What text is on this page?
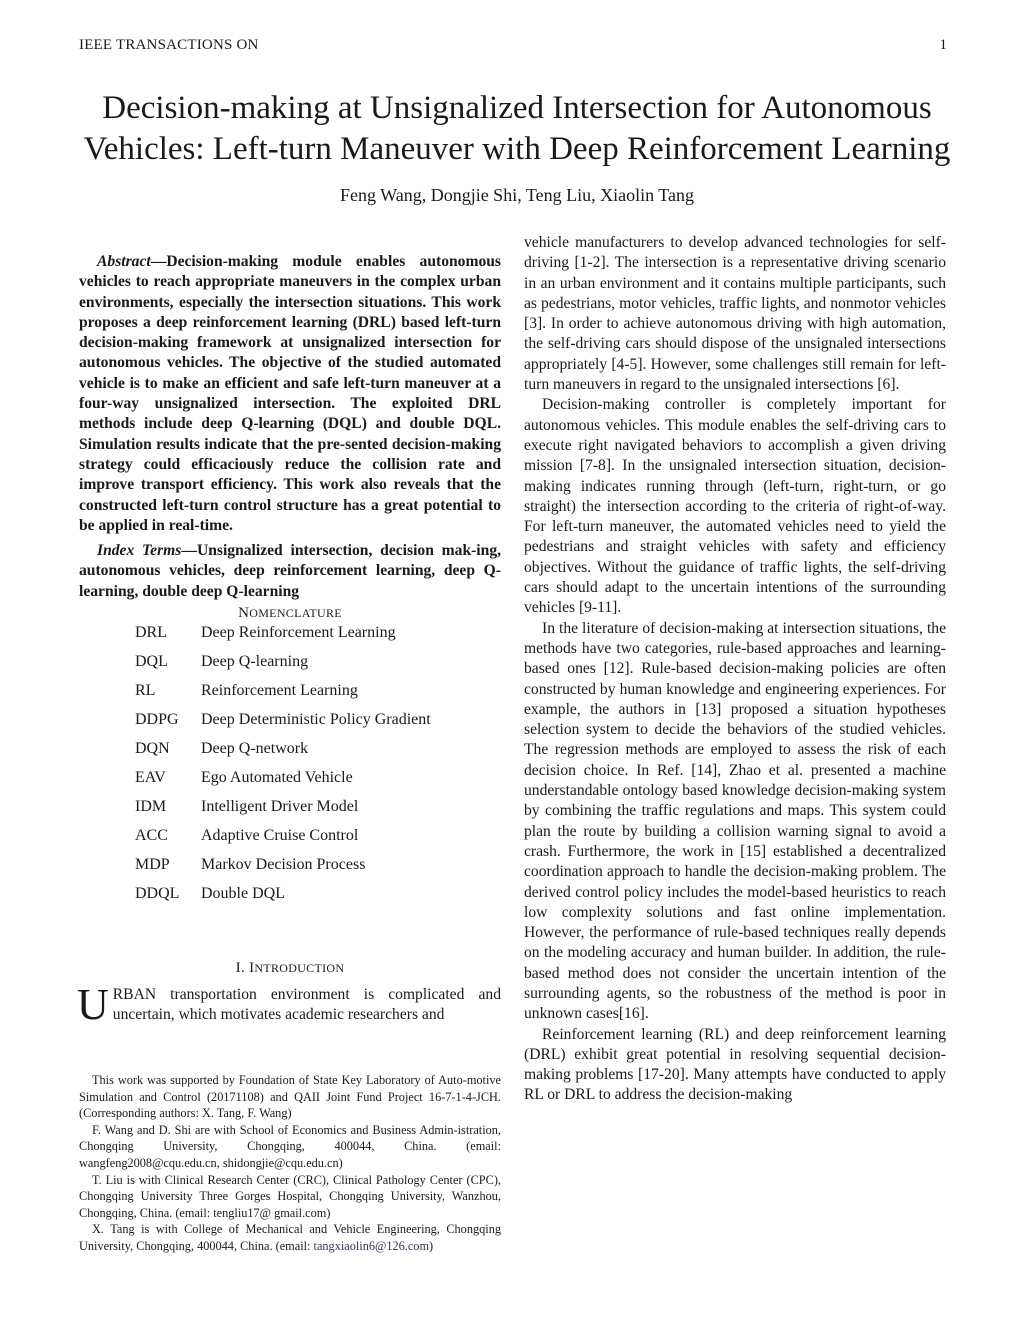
IEEE TRANSACTIONS ON	1
Decision-making at Unsignalized Intersection for Autonomous
Vehicles: Left-turn Maneuver with Deep Reinforcement Learning
Feng Wang, Dongjie Shi, Teng Liu, Xiaolin Tang

Abstract—Decision-making module enables autonomous vehicles to reach appropriate maneuvers in the complex urban environments, especially the intersection situations. This work proposes a deep reinforcement learning (DRL) based left-turn decision-making framework at unsignalized intersection for autonomous vehicles. The objective of the studied automated vehicle is to make an efficient and safe left-turn maneuver at a four-way unsignalized intersection. The exploited DRL methods include deep Q-learning (DQL) and double DQL. Simulation results indicate that the pre-sented decision-making strategy could efficaciously reduce the collision rate and improve transport efficiency. This work also reveals that the constructed left-turn control structure has a great potential to be applied in real-time.

Index Terms—Unsignalized intersection, decision mak-ing, autonomous vehicles, deep reinforcement learning, deep Q-learning, double deep Q-learning

NOMENCLATURE
DRL	Deep Reinforcement Learning
DQL	Deep Q-learning
RL	Reinforcement Learning
DDPG	Deep Deterministic Policy Gradient
DQN	Deep Q-network
EAV	Ego Automated Vehicle
IDM	Intelligent Driver Model
ACC	Adaptive Cruise Control
MDP	Markov Decision Process
DDQL	Double DQL
I. INTRODUCTION

URBAN transportation environment is complicated and uncertain, which motivates academic researchers and

This work was supported by Foundation of State Key Laboratory of Auto-motive Simulation and Control (20171108) and QAII Joint Fund Project 16-7-1-4-JCH. (Corresponding authors: X. Tang, F. Wang)

F. Wang and D. Shi are with School of Economics and Business Admin-istration, Chongqing University, Chongqing, 400044, China. (email: wangfeng2008@cqu.edu.cn, shidongjie@cqu.edu.cn)

T. Liu is with Clinical Research Center (CRC), Clinical Pathology Center (CPC), Chongqing University Three Gorges Hospital, Chongqing University, Wanzhou, Chongqing, China. (email: tengliu17@ gmail.com)

X. Tang is with College of Mechanical and Vehicle Engineering, Chongqing University, Chongqing, 400044, China. (email: tangxiaolin6@126.com)

vehicle manufacturers to develop advanced technologies for self-driving [1-2]. The intersection is a representative driving scenario in an urban environment and it contains multiple participants, such as pedestrians, motor vehicles, traffic lights, and nonmotor vehicles [3]. In order to achieve autonomous driving with high automation, the self-driving cars should dispose of the unsignaled intersections appropriately [4-5]. However, some challenges still remain for left-turn maneuvers in regard to the unsignaled intersections [6].

Decision-making controller is completely important for autonomous vehicles. This module enables the self-driving cars to execute right navigated behaviors to accomplish a given driving mission [7-8]. In the unsignaled intersection situation, decision-making indicates running through (left-turn, right-turn, or go straight) the intersection according to the criteria of right-of-way. For left-turn maneuver, the automated vehicles need to yield the pedestrians and straight vehicles with safety and efficiency objectives. Without the guidance of traffic lights, the self-driving cars should adapt to the uncertain intentions of the surrounding vehicles [9-11].

In the literature of decision-making at intersection situations, the methods have two categories, rule-based approaches and learning-based ones [12]. Rule-based decision-making policies are often constructed by human knowledge and engineering experiences. For example, the authors in [13] proposed a situation hypotheses selection system to decide the behaviors of the studied vehicles. The regression methods are employed to assess the risk of each decision choice. In Ref. [14], Zhao et al. presented a machine understandable ontology based knowledge decision-making system by combining the traffic regulations and maps. This system could plan the route by building a collision warning signal to avoid a crash. Furthermore, the work in [15] established a decentralized coordination approach to handle the decision-making problem. The derived control policy includes the model-based heuristics to reach low complexity solutions and fast online implementation. However, the performance of rule-based techniques really depends on the modeling accuracy and human builder. In addition, the rule-based method does not consider the uncertain intention of the surrounding agents, so the robustness of the method is poor in unknown cases[16].

Reinforcement learning (RL) and deep reinforcement learning (DRL) exhibit great potential in resolving sequential decision-making problems [17-20]. Many attempts have conducted to apply RL or DRL to address the decision-making
